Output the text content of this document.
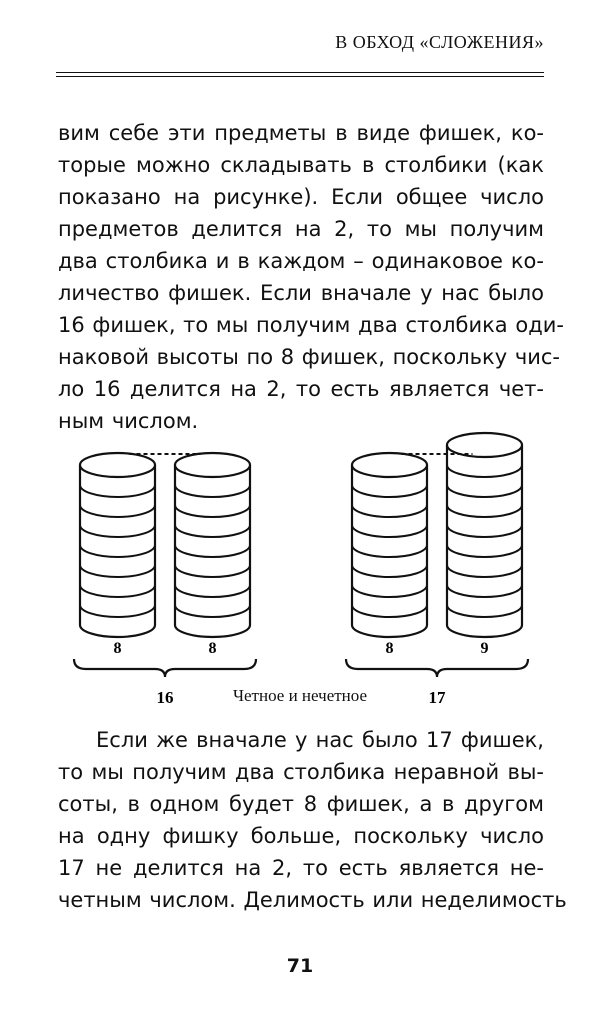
В ОБХОД «СЛОЖЕНИЯ»

вим себе эти предметы в виде фишек, ко-
торые можно складывать в столбики (как
показано на рисунке). Если общее число
предметов делится на 2, то мы получим
два столбика и в каждом – одинаковое ко-
личество фишек. Если вначале у нас было
16 фишек, то мы получим два столбика оди-
наковой высоты по 8 фишек, поскольку чис-
ло 16 делится на 2, то есть является чет-
ным числом.

8	8
16
8	9
17
Четное и нечетное

Если же вначале у нас было 17 фишек,
то мы получим два столбика неравной вы-
соты, в одном будет 8 фишек, а в другом
на одну фишку больше, поскольку число
17 не делится на 2, то есть является не-
четным числом. Делимость или неделимость

71
